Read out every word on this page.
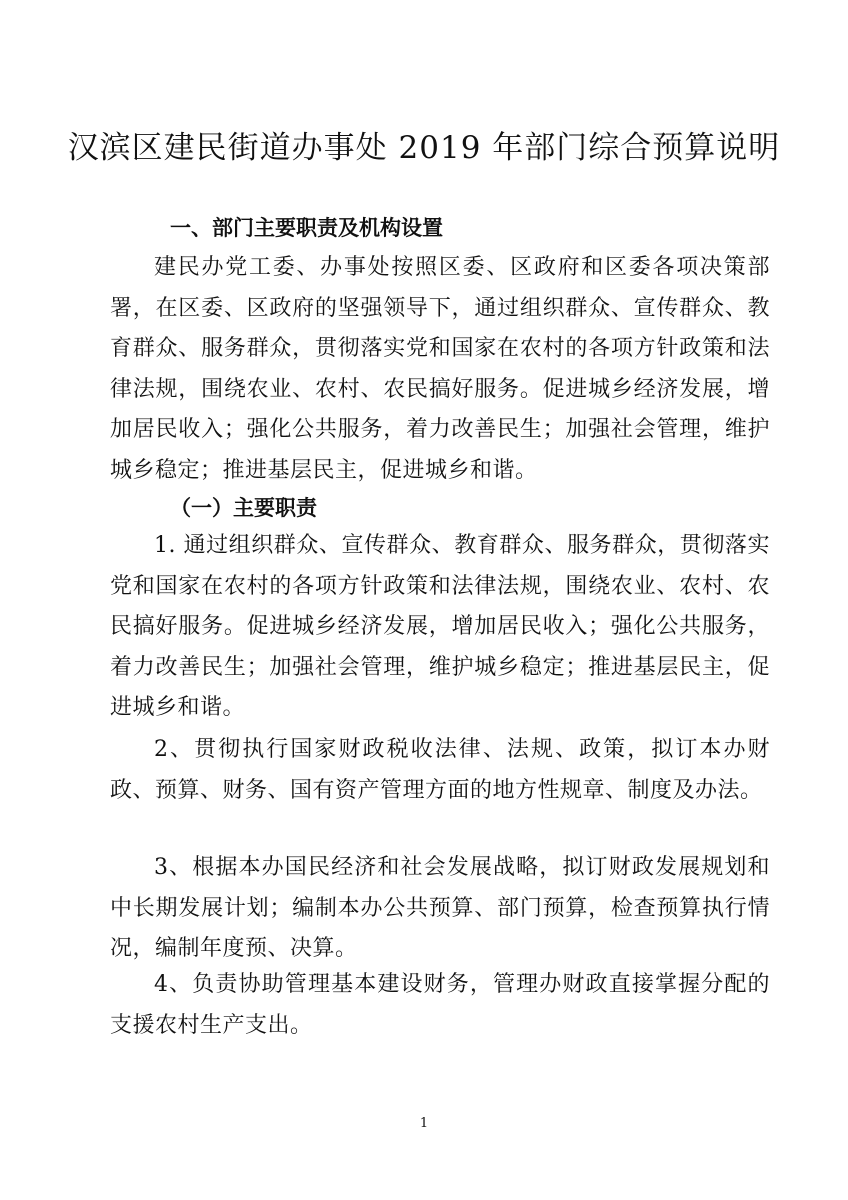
汉滨区建民街道办事处 2019 年部门综合预算说明
一、部门主要职责及机构设置

建民办党工委、办事处按照区委、区政府和区委各项决策部署，在区委、区政府的坚强领导下，通过组织群众、宣传群众、教育群众、服务群众，贯彻落实党和国家在农村的各项方针政策和法律法规，围绕农业、农村、农民搞好服务。促进城乡经济发展，增加居民收入；强化公共服务，着力改善民生；加强社会管理，维护城乡稳定；推进基层民主，促进城乡和谐。

（一）主要职责

1. 通过组织群众、宣传群众、教育群众、服务群众，贯彻落实党和国家在农村的各项方针政策和法律法规，围绕农业、农村、农民搞好服务。促进城乡经济发展，增加居民收入；强化公共服务，着力改善民生；加强社会管理，维护城乡稳定；推进基层民主，促进城乡和谐。

2、贯彻执行国家财政税收法律、法规、政策，拟订本办财政、预算、财务、国有资产管理方面的地方性规章、制度及办法。

3、根据本办国民经济和社会发展战略，拟订财政发展规划和中长期发展计划；编制本办公共预算、部门预算，检查预算执行情况，编制年度预、决算。

4、负责协助管理基本建设财务，管理办财政直接掌握分配的支援农村生产支出。

1
